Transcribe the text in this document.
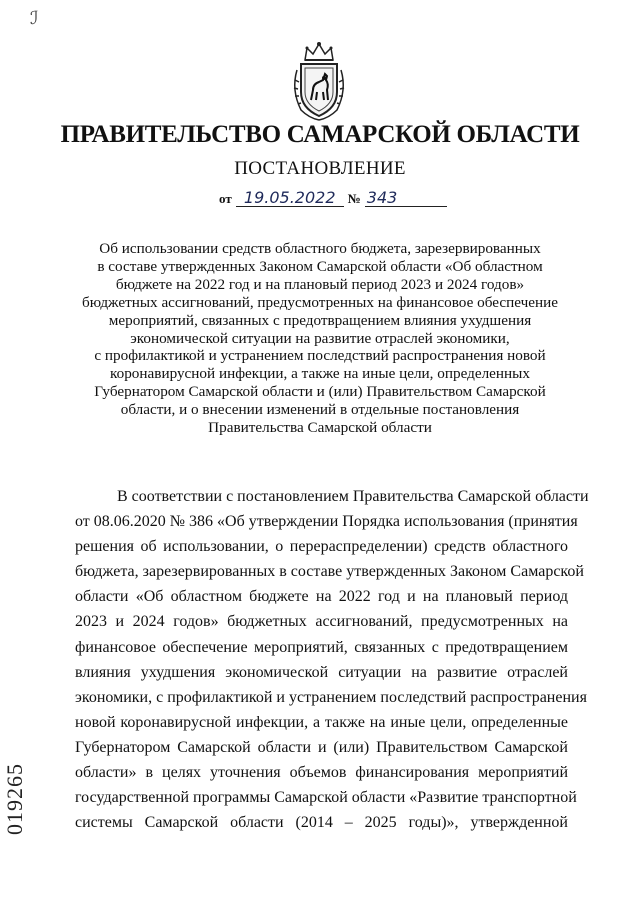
ℐ
ПРАВИТЕЛЬСТВО САМАРСКОЙ ОБЛАСТИ
ПОСТАНОВЛЕНИЕ
от 19.05.2022 № 343
Об использовании средств областного бюджета, зарезервированных
в составе утвержденных Законом Самарской области «Об областном
бюджете на 2022 год и на плановый период 2023 и 2024 годов»
бюджетных ассигнований, предусмотренных на финансовое обеспечение
мероприятий, связанных с предотвращением влияния ухудшения
экономической ситуации на развитие отраслей экономики,
с профилактикой и устранением последствий распространения новой
коронавирусной инфекции, а также на иные цели, определенных
Губернатором Самарской области и (или) Правительством Самарской
области, и о внесении изменений в отдельные постановления
Правительства Самарской области
В соответствии с постановлением Правительства Самарской области
от 08.06.2020 № 386 «Об утверждении Порядка использования (принятия
решения об использовании, о перераспределении) средств областного
бюджета, зарезервированных в составе утвержденных Законом Самарской
области «Об областном бюджете на 2022 год и на плановый период
2023 и 2024 годов» бюджетных ассигнований, предусмотренных на
финансовое обеспечение мероприятий, связанных с предотвращением
влияния ухудшения экономической ситуации на развитие отраслей
экономики, с профилактикой и устранением последствий распространения
новой коронавирусной инфекции, а также на иные цели, определенные
Губернатором Самарской области и (или) Правительством Самарской
области» в целях уточнения объемов финансирования мероприятий
государственной программы Самарской области «Развитие транспортной
системы Самарской области (2014 – 2025 годы)», утвержденной
019265
